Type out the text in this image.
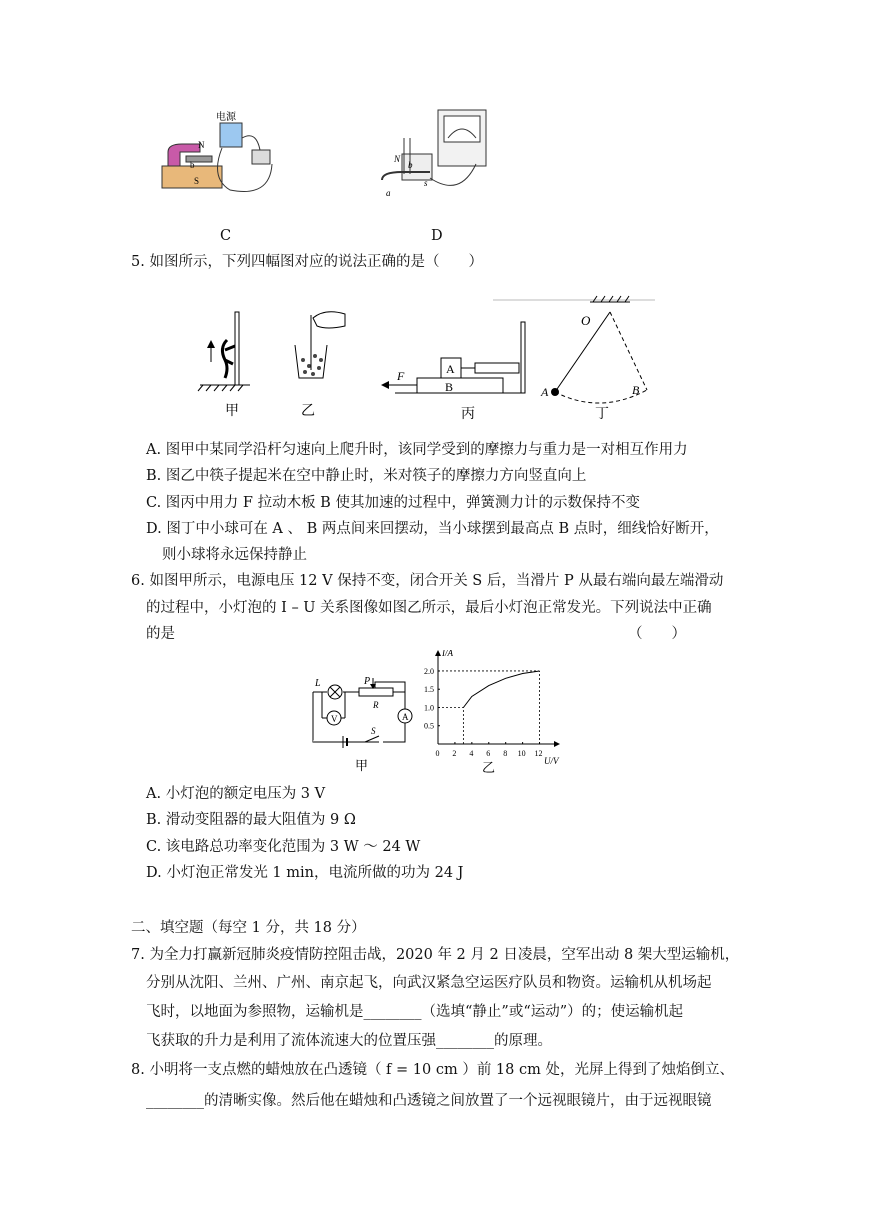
电源
N
b
S
C
N
b
s
a
D
5. 如图所示，下列四幅图对应的说法正确的是（　　）
甲	乙
A
B
F
丙
O
A	B
丁
A. 图甲中某同学沿杆匀速向上爬升时，该同学受到的摩擦力与重力是一对相互作用力
B. 图乙中筷子提起米在空中静止时，米对筷子的摩擦力方向竖直向上
C. 图丙中用力 F 拉动木板 B 使其加速的过程中，弹簧测力计的示数保持不变
D. 图丁中小球可在 A 、 B 两点间来回摆动，当小球摆到最高点 B 点时，细线恰好断开，
则小球将永远保持静止
6. 如图甲所示，电源电压 12 V 保持不变，闭合开关 S 后，当滑片 P 从最右端向最左端滑动
的过程中，小灯泡的 I – U 关系图像如图乙所示，最后小灯泡正常发光。下列说法中正确
的是	（　　）
L	P
R
V	A
S
甲
0 2 4 6 8 10 12
0.5
1.0
1.5
2.0
U/V
I/A
乙
A. 小灯泡的额定电压为 3 V
B. 滑动变阻器的最大阻值为 9 Ω
C. 该电路总功率变化范围为 3 W ～ 24 W
D. 小灯泡正常发光 1 min，电流所做的功为 24 J
二、填空题（每空 1 分，共 18 分）
7. 为全力打赢新冠肺炎疫情防控阻击战，2020 年 2 月 2 日凌晨，空军出动 8 架大型运输机，
分别从沈阳、兰州、广州、南京起飞，向武汉紧急空运医疗队员和物资。运输机从机场起
飞时，以地面为参照物，运输机是________（选填“静止”或“运动”）的；使运输机起
飞获取的升力是利用了流体流速大的位置压强________的原理。
8. 小明将一支点燃的蜡烛放在凸透镜（ f = 10 cm ）前 18 cm 处，光屏上得到了烛焰倒立、
________的清晰实像。然后他在蜡烛和凸透镜之间放置了一个远视眼镜片，由于远视眼镜
